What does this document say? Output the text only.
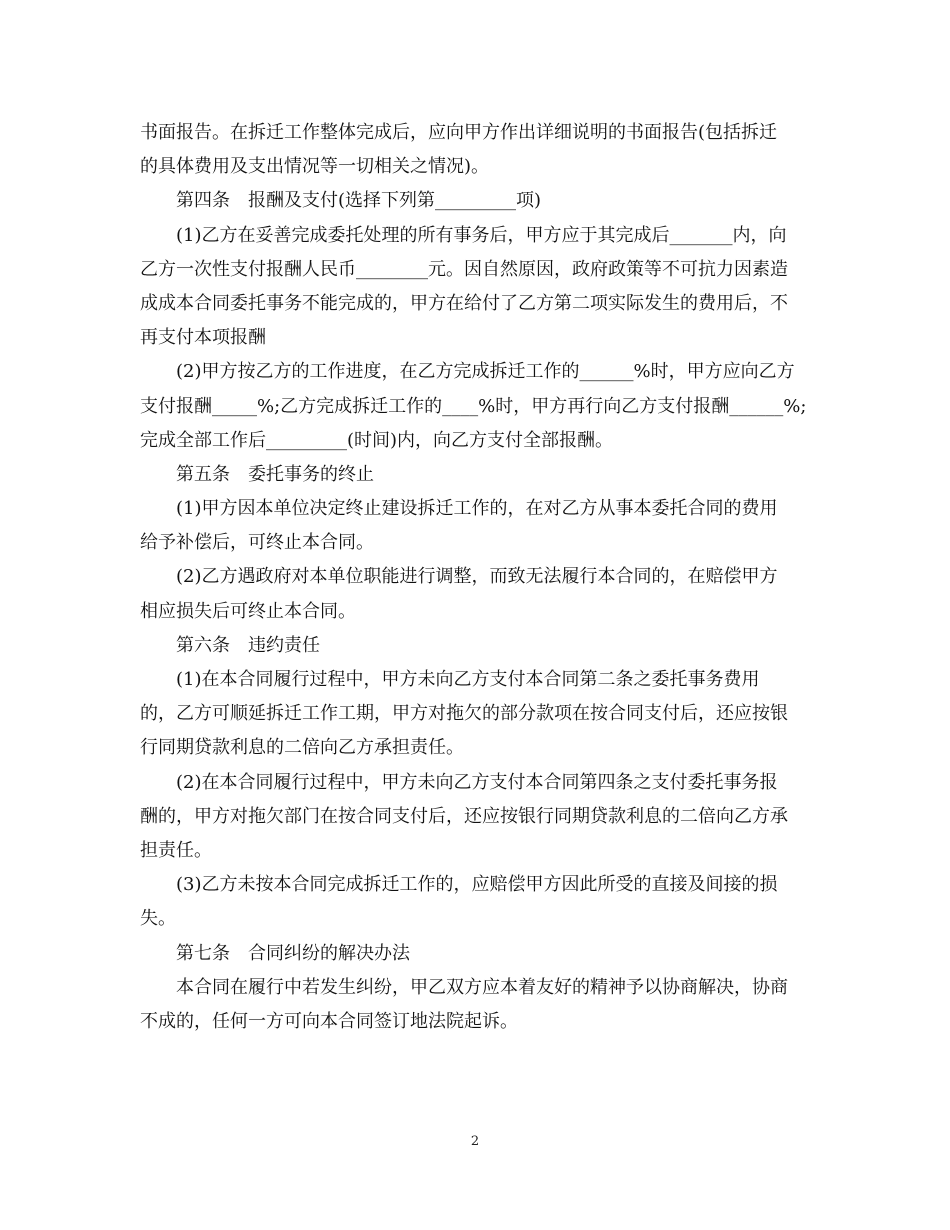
书面报告。在拆迁工作整体完成后，应向甲方作出详细说明的书面报告(包括拆迁
的具体费用及支出情况等一切相关之情况)。
第四条　报酬及支付(选择下列第_________项)
(1)乙方在妥善完成委托处理的所有事务后，甲方应于其完成后_______内，向
乙方一次性支付报酬人民币________元。因自然原因，政府政策等不可抗力因素造
成成本合同委托事务不能完成的，甲方在给付了乙方第二项实际发生的费用后，不
再支付本项报酬
(2)甲方按乙方的工作进度，在乙方完成拆迁工作的______%时，甲方应向乙方
支付报酬_____%;乙方完成拆迁工作的____%时，甲方再行向乙方支付报酬______%;
完成全部工作后_________(时间)内，向乙方支付全部报酬。
第五条　委托事务的终止
(1)甲方因本单位决定终止建设拆迁工作的，在对乙方从事本委托合同的费用
给予补偿后，可终止本合同。
(2)乙方遇政府对本单位职能进行调整，而致无法履行本合同的，在赔偿甲方
相应损失后可终止本合同。
第六条　违约责任
(1)在本合同履行过程中，甲方未向乙方支付本合同第二条之委托事务费用
的，乙方可顺延拆迁工作工期，甲方对拖欠的部分款项在按合同支付后，还应按银
行同期贷款利息的二倍向乙方承担责任。
(2)在本合同履行过程中，甲方未向乙方支付本合同第四条之支付委托事务报
酬的，甲方对拖欠部门在按合同支付后，还应按银行同期贷款利息的二倍向乙方承
担责任。
(3)乙方未按本合同完成拆迁工作的，应赔偿甲方因此所受的直接及间接的损
失。
第七条　合同纠纷的解决办法
本合同在履行中若发生纠纷，甲乙双方应本着友好的精神予以协商解决，协商
不成的，任何一方可向本合同签订地法院起诉。
2
